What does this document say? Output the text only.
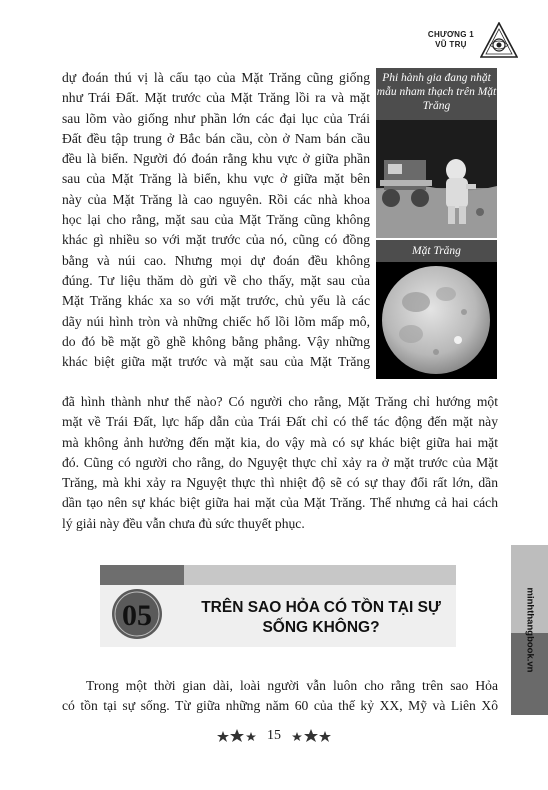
CHƯƠNG 1
VŨ TRỤ
dự đoán thú vị là cấu tạo của Mặt Trăng cũng giống
như Trái Đất. Mặt trước của Mặt Trăng lồi ra và mặt
sau lõm vào giống như phần lớn các đại lục của Trái
Đất đều tập trung ở Bắc bán cầu, còn ở Nam bán cầu
đều là biển. Người đó đoán rằng khu vực ở giữa phần
sau của Mặt Trăng là biển, khu vực ở giữa mặt bên
này của Mặt Trăng là cao nguyên. Rồi các nhà khoa
học lại cho rằng, mặt sau của Mặt Trăng cũng không
khác gì nhiều so với mặt trước của nó, cũng có đồng
bằng và núi cao. Nhưng mọi dự đoán đều không
đúng. Tư liệu thăm dò gửi về cho thấy, mặt sau của
Mặt Trăng khác xa so với mặt trước, chủ yếu là các
dãy núi hình tròn và những chiếc hố lồi lõm mấp mô,
do đó bề mặt gồ ghề không bằng phẳng. Vậy những
khác biệt giữa mặt trước và mặt sau của Mặt Trăng
Phi hành gia đang nhặt mẫu nham thạch trên Mặt Trăng
Mặt Trăng
đã hình thành như thế nào? Có người cho rằng, Mặt Trăng chỉ hướng một
mặt về Trái Đất, lực hấp dẫn của Trái Đất chỉ có thể tác động đến mặt này
mà không ảnh hưởng đến mặt kia, do vậy mà có sự khác biệt giữa hai mặt
đó. Cũng có người cho rằng, do Nguyệt thực chỉ xảy ra ở mặt trước của Mặt
Trăng, mà khi xảy ra Nguyệt thực thì nhiệt độ sẽ có sự thay đổi rất lớn, dần
dần tạo nên sự khác biệt giữa hai mặt của Mặt Trăng. Thế nhưng cả hai cách
lý giải này đều vẫn chưa đủ sức thuyết phục.
05	TRÊN SAO HỎA CÓ TỒN TẠI SỰ
SỐNG KHÔNG?
Trong một thời gian dài, loài người vẫn luôn cho rằng trên sao Hỏa
có tồn tại sự sống. Từ giữa những năm 60 của thế kỷ XX, Mỹ và Liên Xô
minhthangbook.vn
15
